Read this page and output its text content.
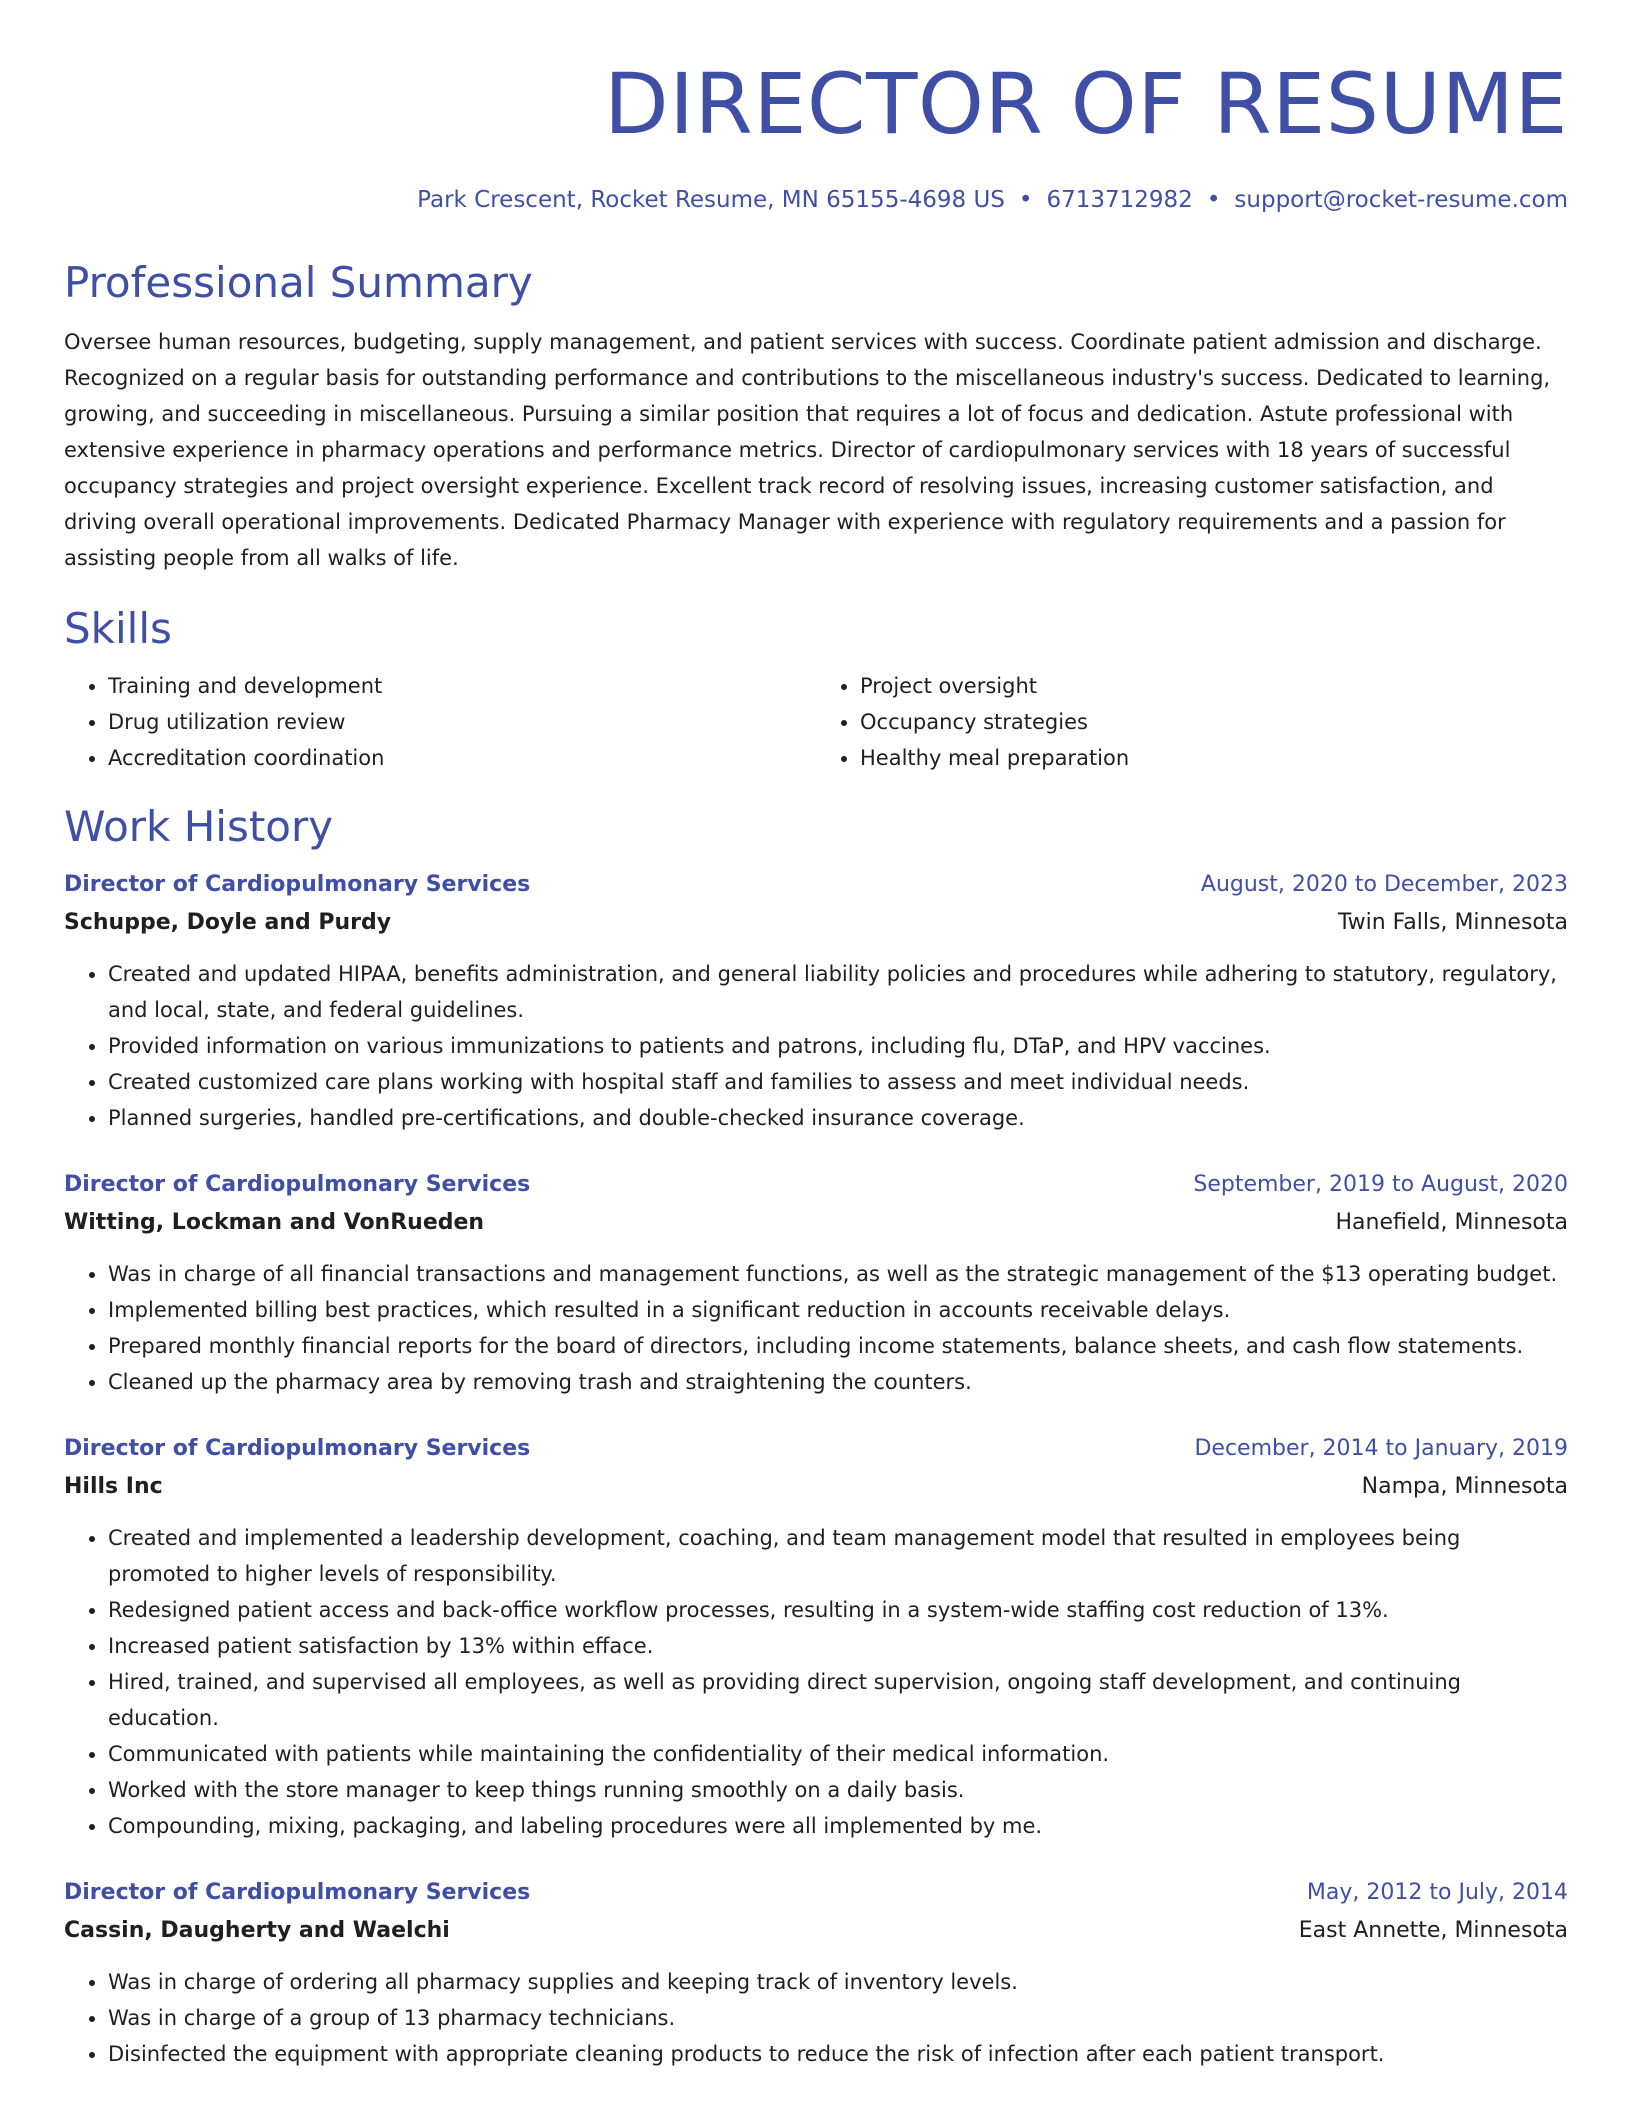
DIRECTOR OF RESUME
Park Crescent, Rocket Resume, MN 65155-4698 US • 6713712982 • support@rocket-resume.com
Professional Summary

Oversee human resources, budgeting, supply management, and patient services with success. Coordinate patient admission and discharge. Recognized on a regular basis for outstanding performance and contributions to the miscellaneous industry's success. Dedicated to learning, growing, and succeeding in miscellaneous. Pursuing a similar position that requires a lot of focus and dedication. Astute professional with extensive experience in pharmacy operations and performance metrics. Director of cardiopulmonary services with 18 years of successful occupancy strategies and project oversight experience. Excellent track record of resolving issues, increasing customer satisfaction, and driving overall operational improvements. Dedicated Pharmacy Manager with experience with regulatory requirements and a passion for assisting people from all walks of life.

Skills
• Training and development
• Drug utilization review
• Accreditation coordination
• Project oversight
• Occupancy strategies
• Healthy meal preparation
Work History
Director of Cardiopulmonary Services	August, 2020 to December, 2023
Schuppe, Doyle and Purdy	Twin Falls, Minnesota
• Created and updated HIPAA, benefits administration, and general liability policies and procedures while adhering to statutory, regulatory, and local, state, and federal guidelines.
• Provided information on various immunizations to patients and patrons, including flu, DTaP, and HPV vaccines.
• Created customized care plans working with hospital staff and families to assess and meet individual needs.
• Planned surgeries, handled pre-certifications, and double-checked insurance coverage.
Director of Cardiopulmonary Services	September, 2019 to August, 2020
Witting, Lockman and VonRueden	Hanefield, Minnesota
• Was in charge of all financial transactions and management functions, as well as the strategic management of the $13 operating budget.
• Implemented billing best practices, which resulted in a significant reduction in accounts receivable delays.
• Prepared monthly financial reports for the board of directors, including income statements, balance sheets, and cash flow statements.
• Cleaned up the pharmacy area by removing trash and straightening the counters.
Director of Cardiopulmonary Services	December, 2014 to January, 2019
Hills Inc	Nampa, Minnesota
• Created and implemented a leadership development, coaching, and team management model that resulted in employees being promoted to higher levels of responsibility.
• Redesigned patient access and back-office workflow processes, resulting in a system-wide staffing cost reduction of 13%.
• Increased patient satisfaction by 13% within efface.
• Hired, trained, and supervised all employees, as well as providing direct supervision, ongoing staff development, and continuing education.
• Communicated with patients while maintaining the confidentiality of their medical information.
• Worked with the store manager to keep things running smoothly on a daily basis.
• Compounding, mixing, packaging, and labeling procedures were all implemented by me.
Director of Cardiopulmonary Services	May, 2012 to July, 2014
Cassin, Daugherty and Waelchi	East Annette, Minnesota
• Was in charge of ordering all pharmacy supplies and keeping track of inventory levels.
• Was in charge of a group of 13 pharmacy technicians.
• Disinfected the equipment with appropriate cleaning products to reduce the risk of infection after each patient transport.
